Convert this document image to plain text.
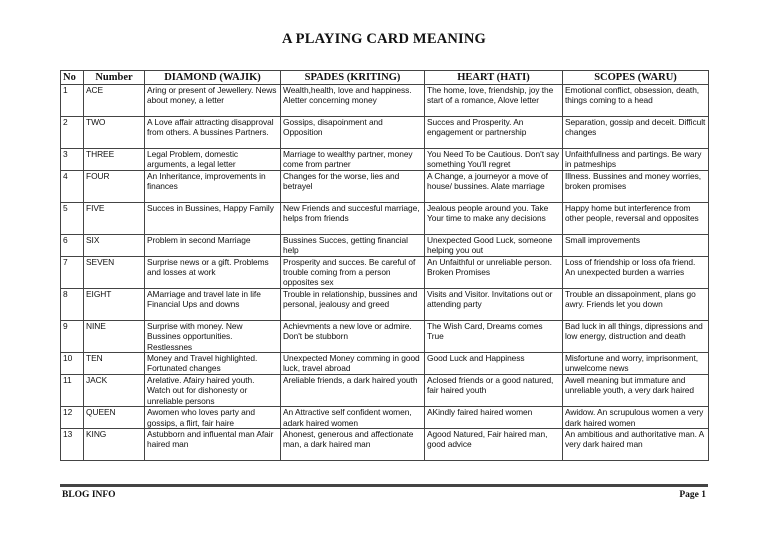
A PLAYING CARD MEANING
No	Number	DIAMOND (WAJIK)	SPADES (KRITING)	HEART (HATI)	SCOPES (WARU)
1	ACE	Aring or present of Jewellery. News about money, a letter	Wealth,health, love and happiness. Aletter concerning money	The home, love, friendship, joy the start of a romance, Alove letter	Emotional conflict, obsession, death, things coming to a head
2	TWO	A Love affair attracting disapproval from others. A bussines Partners.	Gossips, disapoinment and Opposition	Succes and Prosperity. An engagement or partnership	Separation, gossip and deceit. Difficult changes
3	THREE	Legal Problem, domestic arguments, a legal letter	Marriage to wealthy partner, money come from partner	You Need To be Cautious. Don't say something You'll regret	Unfaithfullness and partings. Be wary in patmeships
4	FOUR	An Inheritance, improvements in finances	Changes for the worse, lies and betrayel	A Change, a journeyor a move of house/ bussines. Alate marriage	Illness. Bussines and money worries, broken promises
5	FIVE	Succes in Bussines, Happy Family	New Friends and succesful marriage, helps from friends	Jealous people around you. Take Your time to make any decisions	Happy home but interference from other people, reversal and opposites
6	SIX	Problem in second Marriage	Bussines Succes, getting financial help	Unexpected Good Luck, someone helping you out	Small improvements
7	SEVEN	Surprise news or a gift. Problems and losses at work	Prosperity and succes. Be careful of trouble coming from a person opposites sex	An Unfaithful or unreliable person. Broken Promises	Loss of friendship or loss ofa friend. An unexpected burden a warries
8	EIGHT	AMarriage and travel late in life Financial Ups and downs	Trouble in relationship, bussines and personal, jealousy and greed	Visits and Visitor. Invitations out or attending party	Trouble an dissapoinment, plans go awry. Friends let you down
9	NINE	Surprise with money. New Bussines opportunities. Restlessnes	Achievments a new love or admire. Don't be stubborn	The Wish Card, Dreams comes True	Bad luck in all things, dipressions and low energy, distruction and death
10	TEN	Money and Travel highlighted. Fortunated changes	Unexpected Money comming in good luck, travel abroad	Good Luck and Happiness	Misfortune and worry, imprisonment, unwelcome news
11	JACK	Arelative. Afairy haired youth. Watch out for dishonesty or unreliable persons	Areliable friends, a dark haired youth	Aclosed friends or a good natured, fair haired youth	Awell meaning but immature and unreliable youth, a very dark haired
12	QUEEN	Awomen who loves party and gossips, a flirt, fair haire	An Attractive self confident women, adark haired women	AKindly faired haired women	Awidow. An scrupulous women a very dark haired women
13	KING	Astubborn and influental man Afair haired man	Ahonest, generous and affectionate man, a dark haired man	Agood Natured, Fair haired man, good advice	An ambitious and authoritative man. A very dark haired man
BLOG INFO	Page 1
